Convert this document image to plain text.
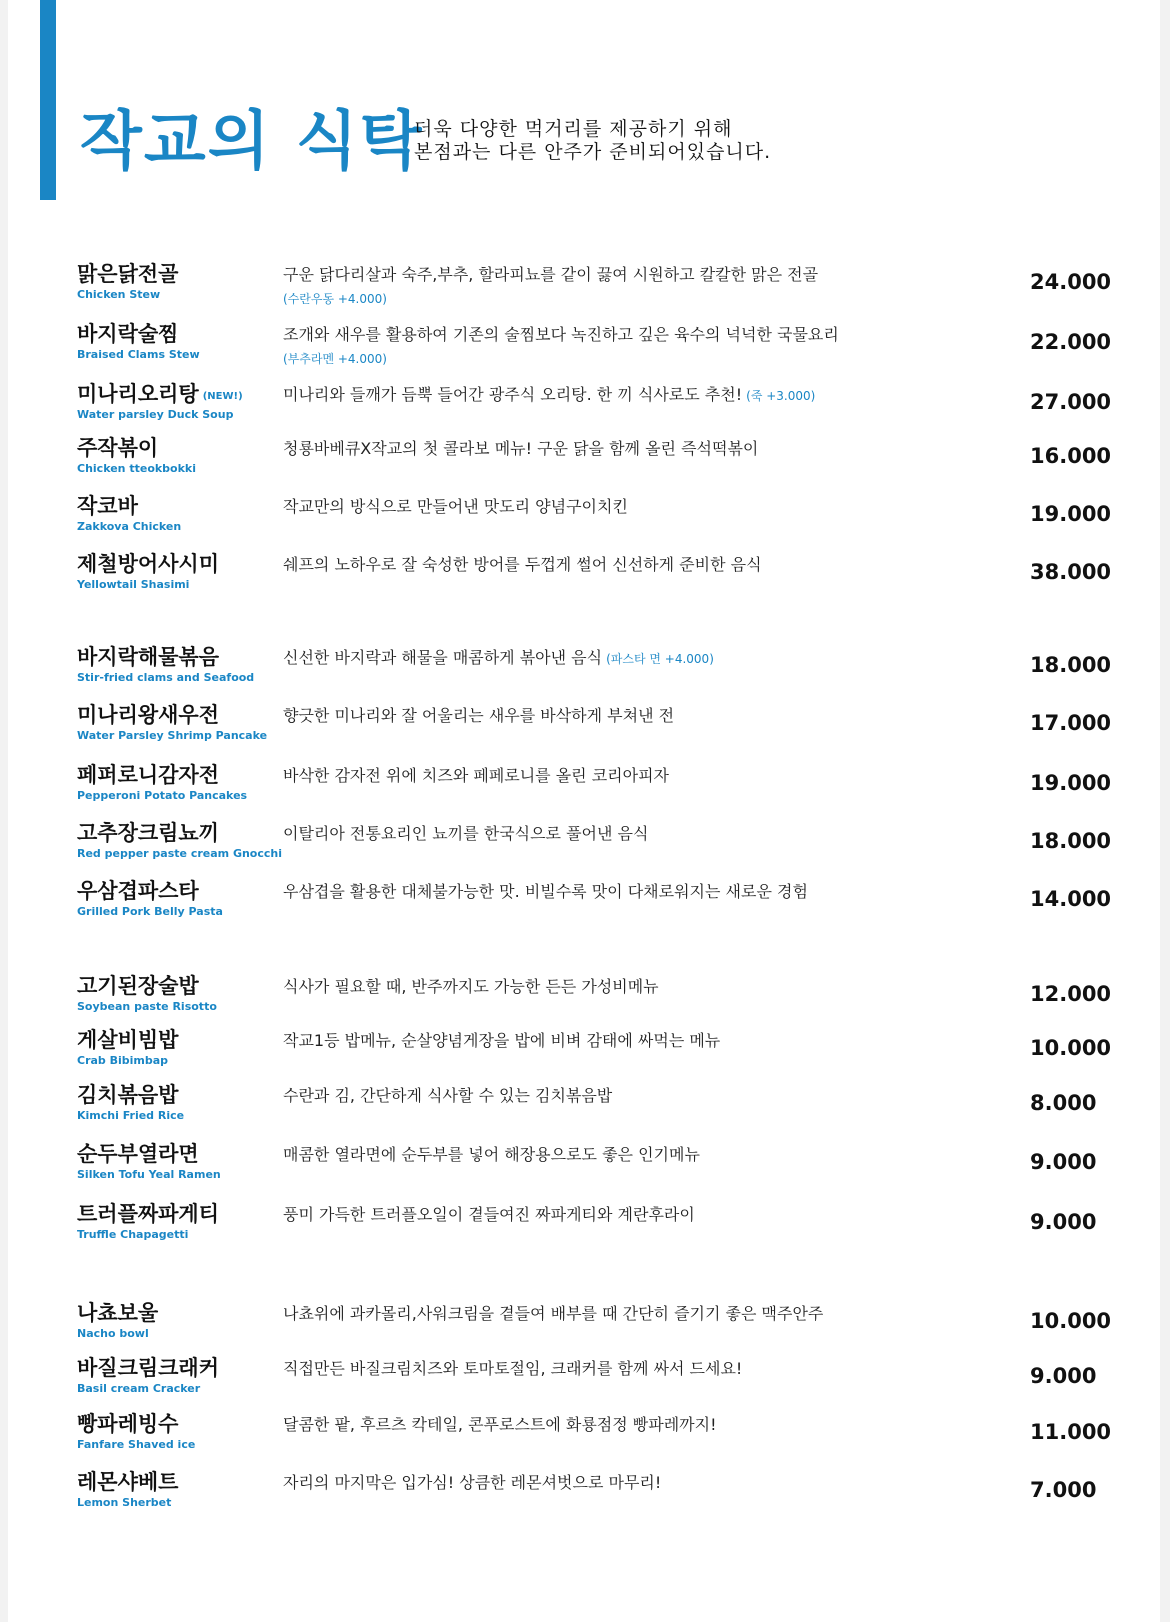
작교의 식탁
더욱 다양한 먹거리를 제공하기 위해
본점과는 다른 안주가 준비되어있습니다.
맑은닭전골
Chicken Stew
구운 닭다리살과 숙주,부추, 할라피뇨를 같이 끓여 시원하고 칼칼한 맑은 전골
(수란우동 +4.000)
24.000
바지락술찜
Braised Clams Stew
조개와 새우를 활용하여 기존의 술찜보다 녹진하고 깊은 육수의 넉넉한 국물요리
(부추라멘 +4.000)
22.000
미나리오리탕 (NEW!)
Water parsley Duck Soup
미나리와 들깨가 듬뿍 들어간 광주식 오리탕. 한 끼 식사로도 추천! (죽 +3.000)	27.000
주작볶이
Chicken tteokbokki
청룡바베큐X작교의 첫 콜라보 메뉴! 구운 닭을 함께 올린 즉석떡볶이	16.000
작코바
Zakkova Chicken
작교만의 방식으로 만들어낸 맛도리 양념구이치킨	19.000
제철방어사시미
Yellowtail Shasimi
쉐프의 노하우로 잘 숙성한 방어를 두껍게 썰어 신선하게 준비한 음식	38.000
바지락해물볶음
Stir-fried clams and Seafood
신선한 바지락과 해물을 매콤하게 볶아낸 음식 (파스타 면 +4.000)	18.000
미나리왕새우전
Water Parsley Shrimp Pancake
향긋한 미나리와 잘 어울리는 새우를 바삭하게 부쳐낸 전	17.000
페퍼로니감자전
Pepperoni Potato Pancakes
바삭한 감자전 위에 치즈와 페페로니를 올린 코리아피자	19.000
고추장크림뇨끼
Red pepper paste cream Gnocchi
이탈리아 전통요리인 뇨끼를 한국식으로 풀어낸 음식	18.000
우삼겹파스타
Grilled Pork Belly Pasta
우삼겹을 활용한 대체불가능한 맛. 비빌수록 맛이 다채로워지는 새로운 경험	14.000
고기된장술밥
Soybean paste Risotto
식사가 필요할 때, 반주까지도 가능한 든든 가성비메뉴	12.000
게살비빔밥
Crab Bibimbap
작교1등 밥메뉴, 순살양념게장을 밥에 비벼 감태에 싸먹는 메뉴	10.000
김치볶음밥
Kimchi Fried Rice
수란과 김, 간단하게 식사할 수 있는 김치볶음밥	8.000
순두부열라면
Silken Tofu Yeal Ramen
매콤한 열라면에 순두부를 넣어 해장용으로도 좋은 인기메뉴	9.000
트러플짜파게티
Truffle Chapagetti
풍미 가득한 트러플오일이 곁들여진 짜파게티와 계란후라이	9.000
나쵸보울
Nacho bowl
나쵸위에 과카몰리,사워크림을 곁들여 배부를 때 간단히 즐기기 좋은 맥주안주	10.000
바질크림크래커
Basil cream Cracker
직접만든 바질크림치즈와 토마토절임, 크래커를 함께 싸서 드세요!	9.000
빵파레빙수
Fanfare Shaved ice
달콤한 팥, 후르츠 칵테일, 콘푸로스트에 화룡점정 빵파레까지!	11.000
레몬샤베트
Lemon Sherbet
자리의 마지막은 입가심! 상큼한 레몬셔벗으로 마무리!	7.000
